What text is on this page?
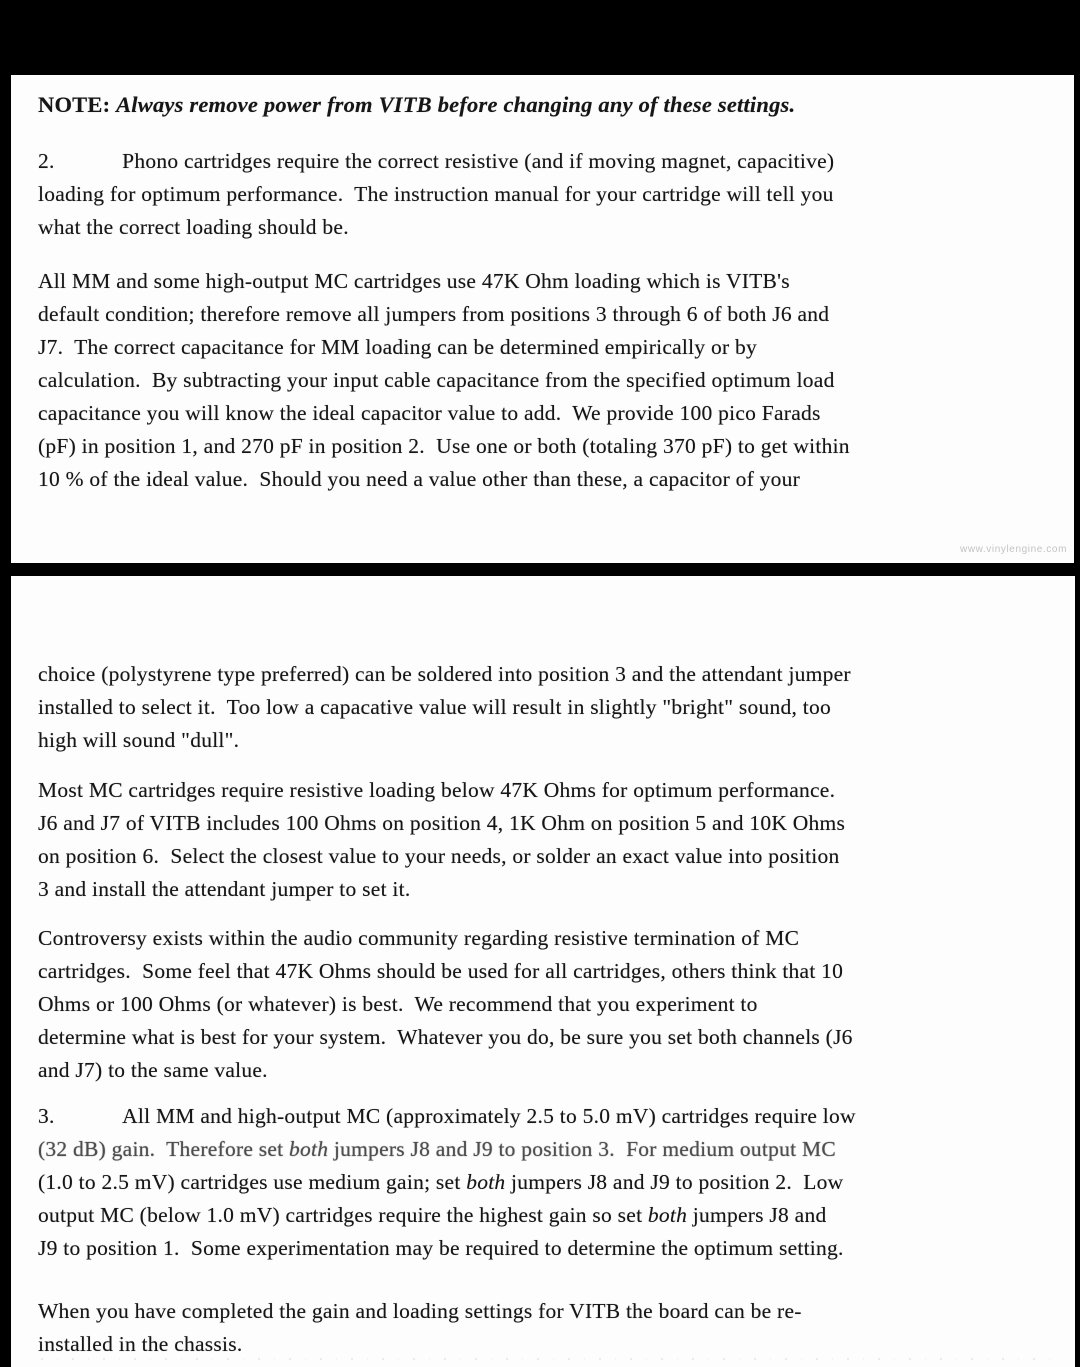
www.vinylengine.com
NOTE: Always remove power from VITB before changing any of these settings.
2.            Phono cartridges require the correct resistive (and if moving magnet, capacitive)
loading for optimum performance.  The instruction manual for your cartridge will tell you
what the correct loading should be.
All MM and some high-output MC cartridges use 47K Ohm loading which is VITB's
default condition; therefore remove all jumpers from positions 3 through 6 of both J6 and
J7.  The correct capacitance for MM loading can be determined empirically or by
calculation.  By subtracting your input cable capacitance from the specified optimum load
capacitance you will know the ideal capacitor value to add.  We provide 100 pico Farads
(pF) in position 1, and 270 pF in position 2.  Use one or both (totaling 370 pF) to get within
10 % of the ideal value.  Should you need a value other than these, a capacitor of your
choice (polystyrene type preferred) can be soldered into position 3 and the attendant jumper
installed to select it.  Too low a capacative value will result in slightly "bright" sound, too
high will sound "dull".
Most MC cartridges require resistive loading below 47K Ohms for optimum performance.
J6 and J7 of VITB includes 100 Ohms on position 4, 1K Ohm on position 5 and 10K Ohms
on position 6.  Select the closest value to your needs, or solder an exact value into position
3 and install the attendant jumper to set it.
Controversy exists within the audio community regarding resistive termination of MC
cartridges.  Some feel that 47K Ohms should be used for all cartridges, others think that 10
Ohms or 100 Ohms (or whatever) is best.  We recommend that you experiment to
determine what is best for your system.  Whatever you do, be sure you set both channels (J6
and J7) to the same value.
3.            All MM and high-output MC (approximately 2.5 to 5.0 mV) cartridges require low
(32 dB) gain.  Therefore set both jumpers J8 and J9 to position 3.  For medium output MC
(1.0 to 2.5 mV) cartridges use medium gain; set both jumpers J8 and J9 to position 2.  Low
output MC (below 1.0 mV) cartridges require the highest gain so set both jumpers J8 and
J9 to position 1.  Some experimentation may be required to determine the optimum setting.
When you have completed the gain and loading settings for VITB the board can be re-
installed in the chassis.
